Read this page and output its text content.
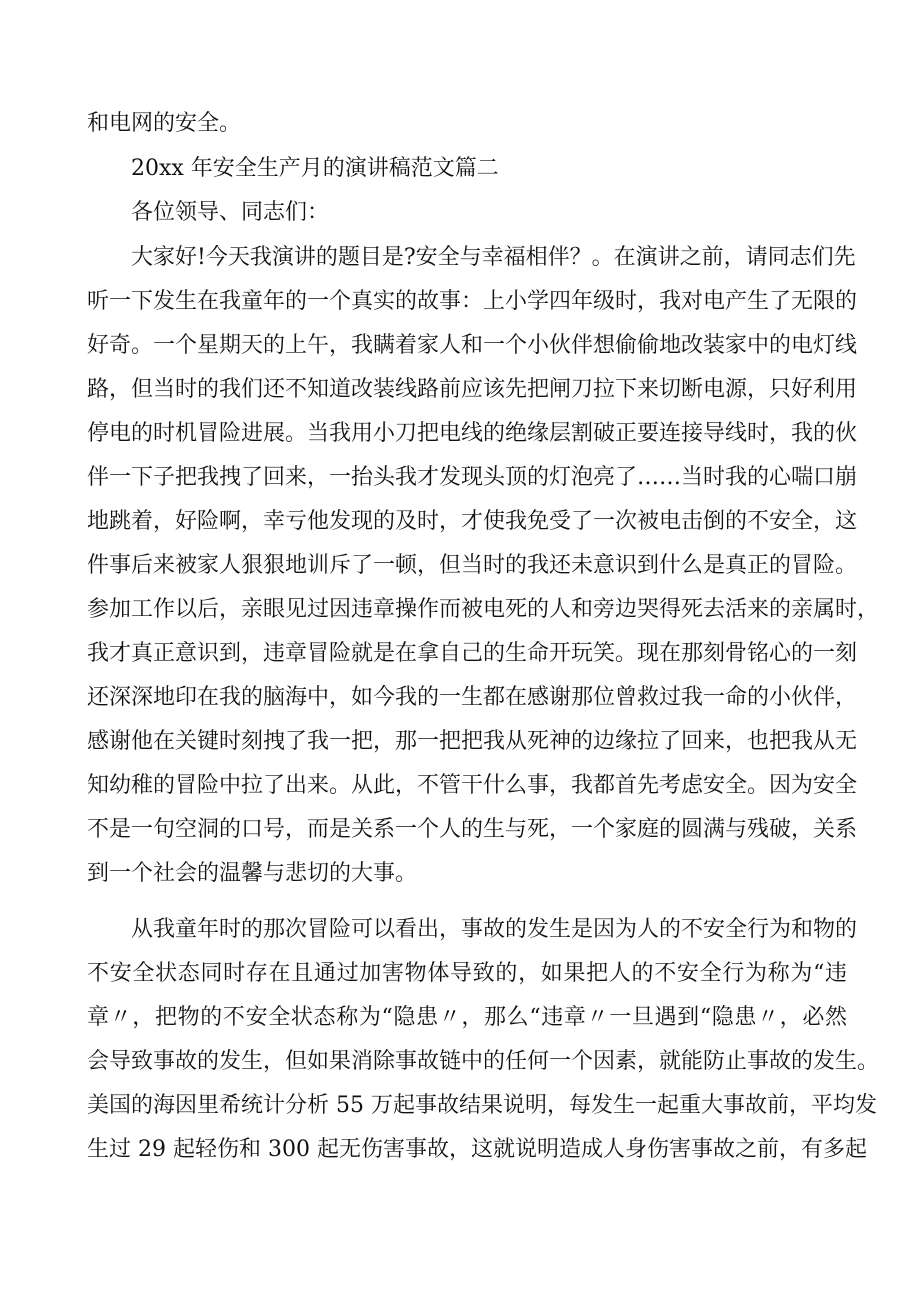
和电网的安全。

20xx 年安全生产月的演讲稿范文篇二

各位领导、同志们：

大家好!今天我演讲的题目是?安全与幸福相伴？。在演讲之前，请同志们先

听一下发生在我童年的一个真实的故事：上小学四年级时，我对电产生了无限的

好奇。一个星期天的上午，我瞒着家人和一个小伙伴想偷偷地改装家中的电灯线

路，但当时的我们还不知道改装线路前应该先把闸刀拉下来切断电源，只好利用

停电的时机冒险进展。当我用小刀把电线的绝缘层割破正要连接导线时，我的伙

伴一下子把我拽了回来，一抬头我才发现头顶的灯泡亮了……当时我的心喘口崩

地跳着，好险啊，幸亏他发现的及时，才使我免受了一次被电击倒的不安全，这

件事后来被家人狠狠地训斥了一顿，但当时的我还未意识到什么是真正的冒险。

参加工作以后，亲眼见过因违章操作而被电死的人和旁边哭得死去活来的亲属时，

我才真正意识到，违章冒险就是在拿自己的生命开玩笑。现在那刻骨铭心的一刻

还深深地印在我的脑海中，如今我的一生都在感谢那位曾救过我一命的小伙伴，

感谢他在关键时刻拽了我一把，那一把把我从死神的边缘拉了回来，也把我从无

知幼稚的冒险中拉了出来。从此，不管干什么事，我都首先考虑安全。因为安全

不是一句空洞的口号，而是关系一个人的生与死，一个家庭的圆满与残破，关系

到一个社会的温馨与悲切的大事。

从我童年时的那次冒险可以看出，事故的发生是因为人的不安全行为和物的

不安全状态同时存在且通过加害物体导致的，如果把人的不安全行为称为“违

章〃，把物的不安全状态称为“隐患〃，那么“违章〃一旦遇到“隐患〃，必然

会导致事故的发生，但如果消除事故链中的任何一个因素，就能防止事故的发生。

美国的海因里希统计分析 55 万起事故结果说明，每发生一起重大事故前，平均发

生过 29 起轻伤和 300 起无伤害事故，这就说明造成人身伤害事故之前，有多起
